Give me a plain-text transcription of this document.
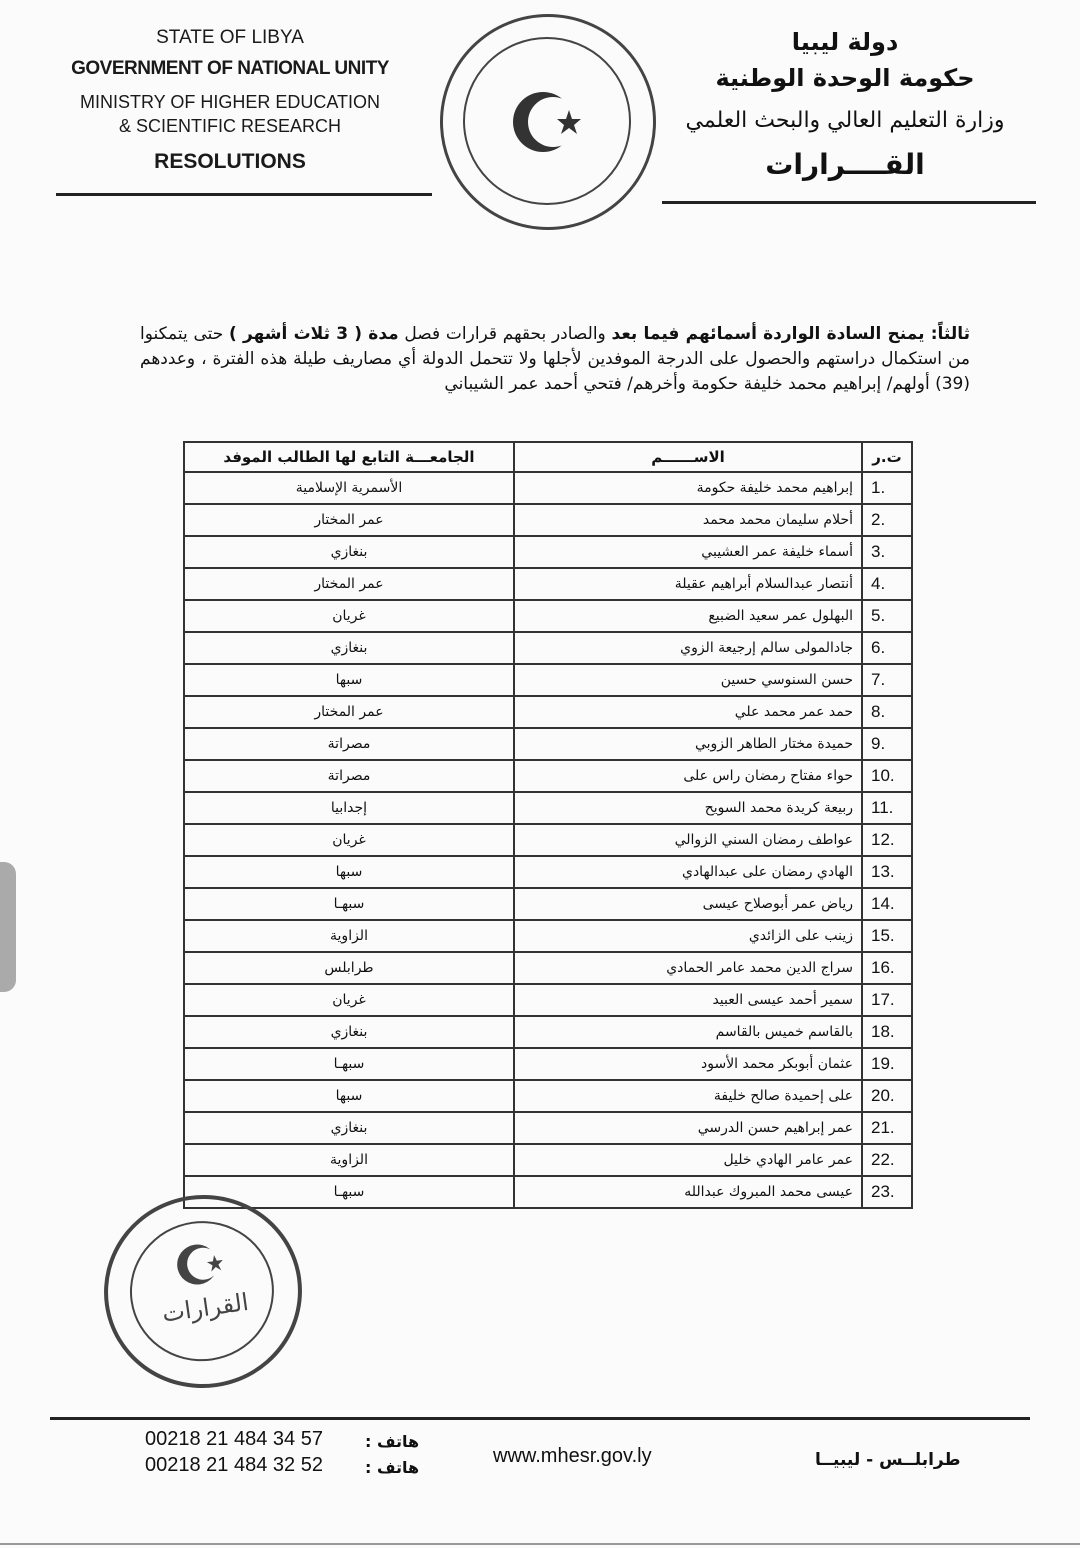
STATE OF LIBYA
GOVERNMENT OF NATIONAL UNITY
MINISTRY OF HIGHER EDUCATION
& SCIENTIFIC RESEARCH
RESOLUTIONS
دولة ليبيا
حكومة الوحدة الوطنية
وزارة التعليم العالي والبحث العلمي
القــــرارات
ثالثاً: يمنح السادة الواردة أسمائهم فيما بعد والصادر بحقهم قرارات فصل مدة ( 3 ثلاث أشهر ) حتى يتمكنوا من استكمال دراستهم والحصول على الدرجة الموفدين لأجلها ولا تتحمل الدولة أي مصاريف طيلة هذه الفترة ، وعددهم (39) أولهم/ إبراهيم محمد خليفة حكومة وأخرهم/ فتحي أحمد عمر الشيباني
ت.ر	الاســــــم	الجامعـــة التابع لها الطالب الموفد
1.	إبراهيم محمد خليفة حكومة	الأسمرية الإسلامية
2.	أحلام سليمان محمد محمد	عمر المختار
3.	أسماء خليفة عمر العشيبي	بنغازي
4.	أنتصار عبدالسلام أبراهيم عقيلة	عمر المختار
5.	البهلول عمر سعيد الضبيع	غريان
6.	جادالمولى سالم إرجيعة الزوي	بنغازي
7.	حسن السنوسي حسين	سبها
8.	حمد عمر محمد علي	عمر المختار
9.	حميدة مختار الطاهر الزوبي	مصراتة
10.	حواء مفتاح رمضان راس على	مصراتة
11.	ربيعة كريدة محمد السويح	إجدابيا
12.	عواطف رمضان السني الزوالي	غريان
13.	الهادي رمضان على عبدالهادي	سبها
14.	رياض عمر أبوصلاح عيسى	سبهـا
15.	زينب على الزائدي	الزاوية
16.	سراج الدين محمد عامر الحمادي	طرابلس
17.	سمير أحمد عيسى العبيد	غريان
18.	بالقاسم خميس بالقاسم	بنغازي
19.	عثمان أبوبكر محمد الأسود	سبهـا
20.	على إحميدة صالح خليفة	سبها
21.	عمر إبراهيم حسن الدرسي	بنغازي
22.	عمر عامر الهادي خليل	الزاوية
23.	عيسى محمد المبروك عبدالله	سبهـا
القرارات
00218 21 484 34 57	هاتف :
00218 21 484 32 52	هاتف :
www.mhesr.gov.ly	طرابلــس - ليبيــا
